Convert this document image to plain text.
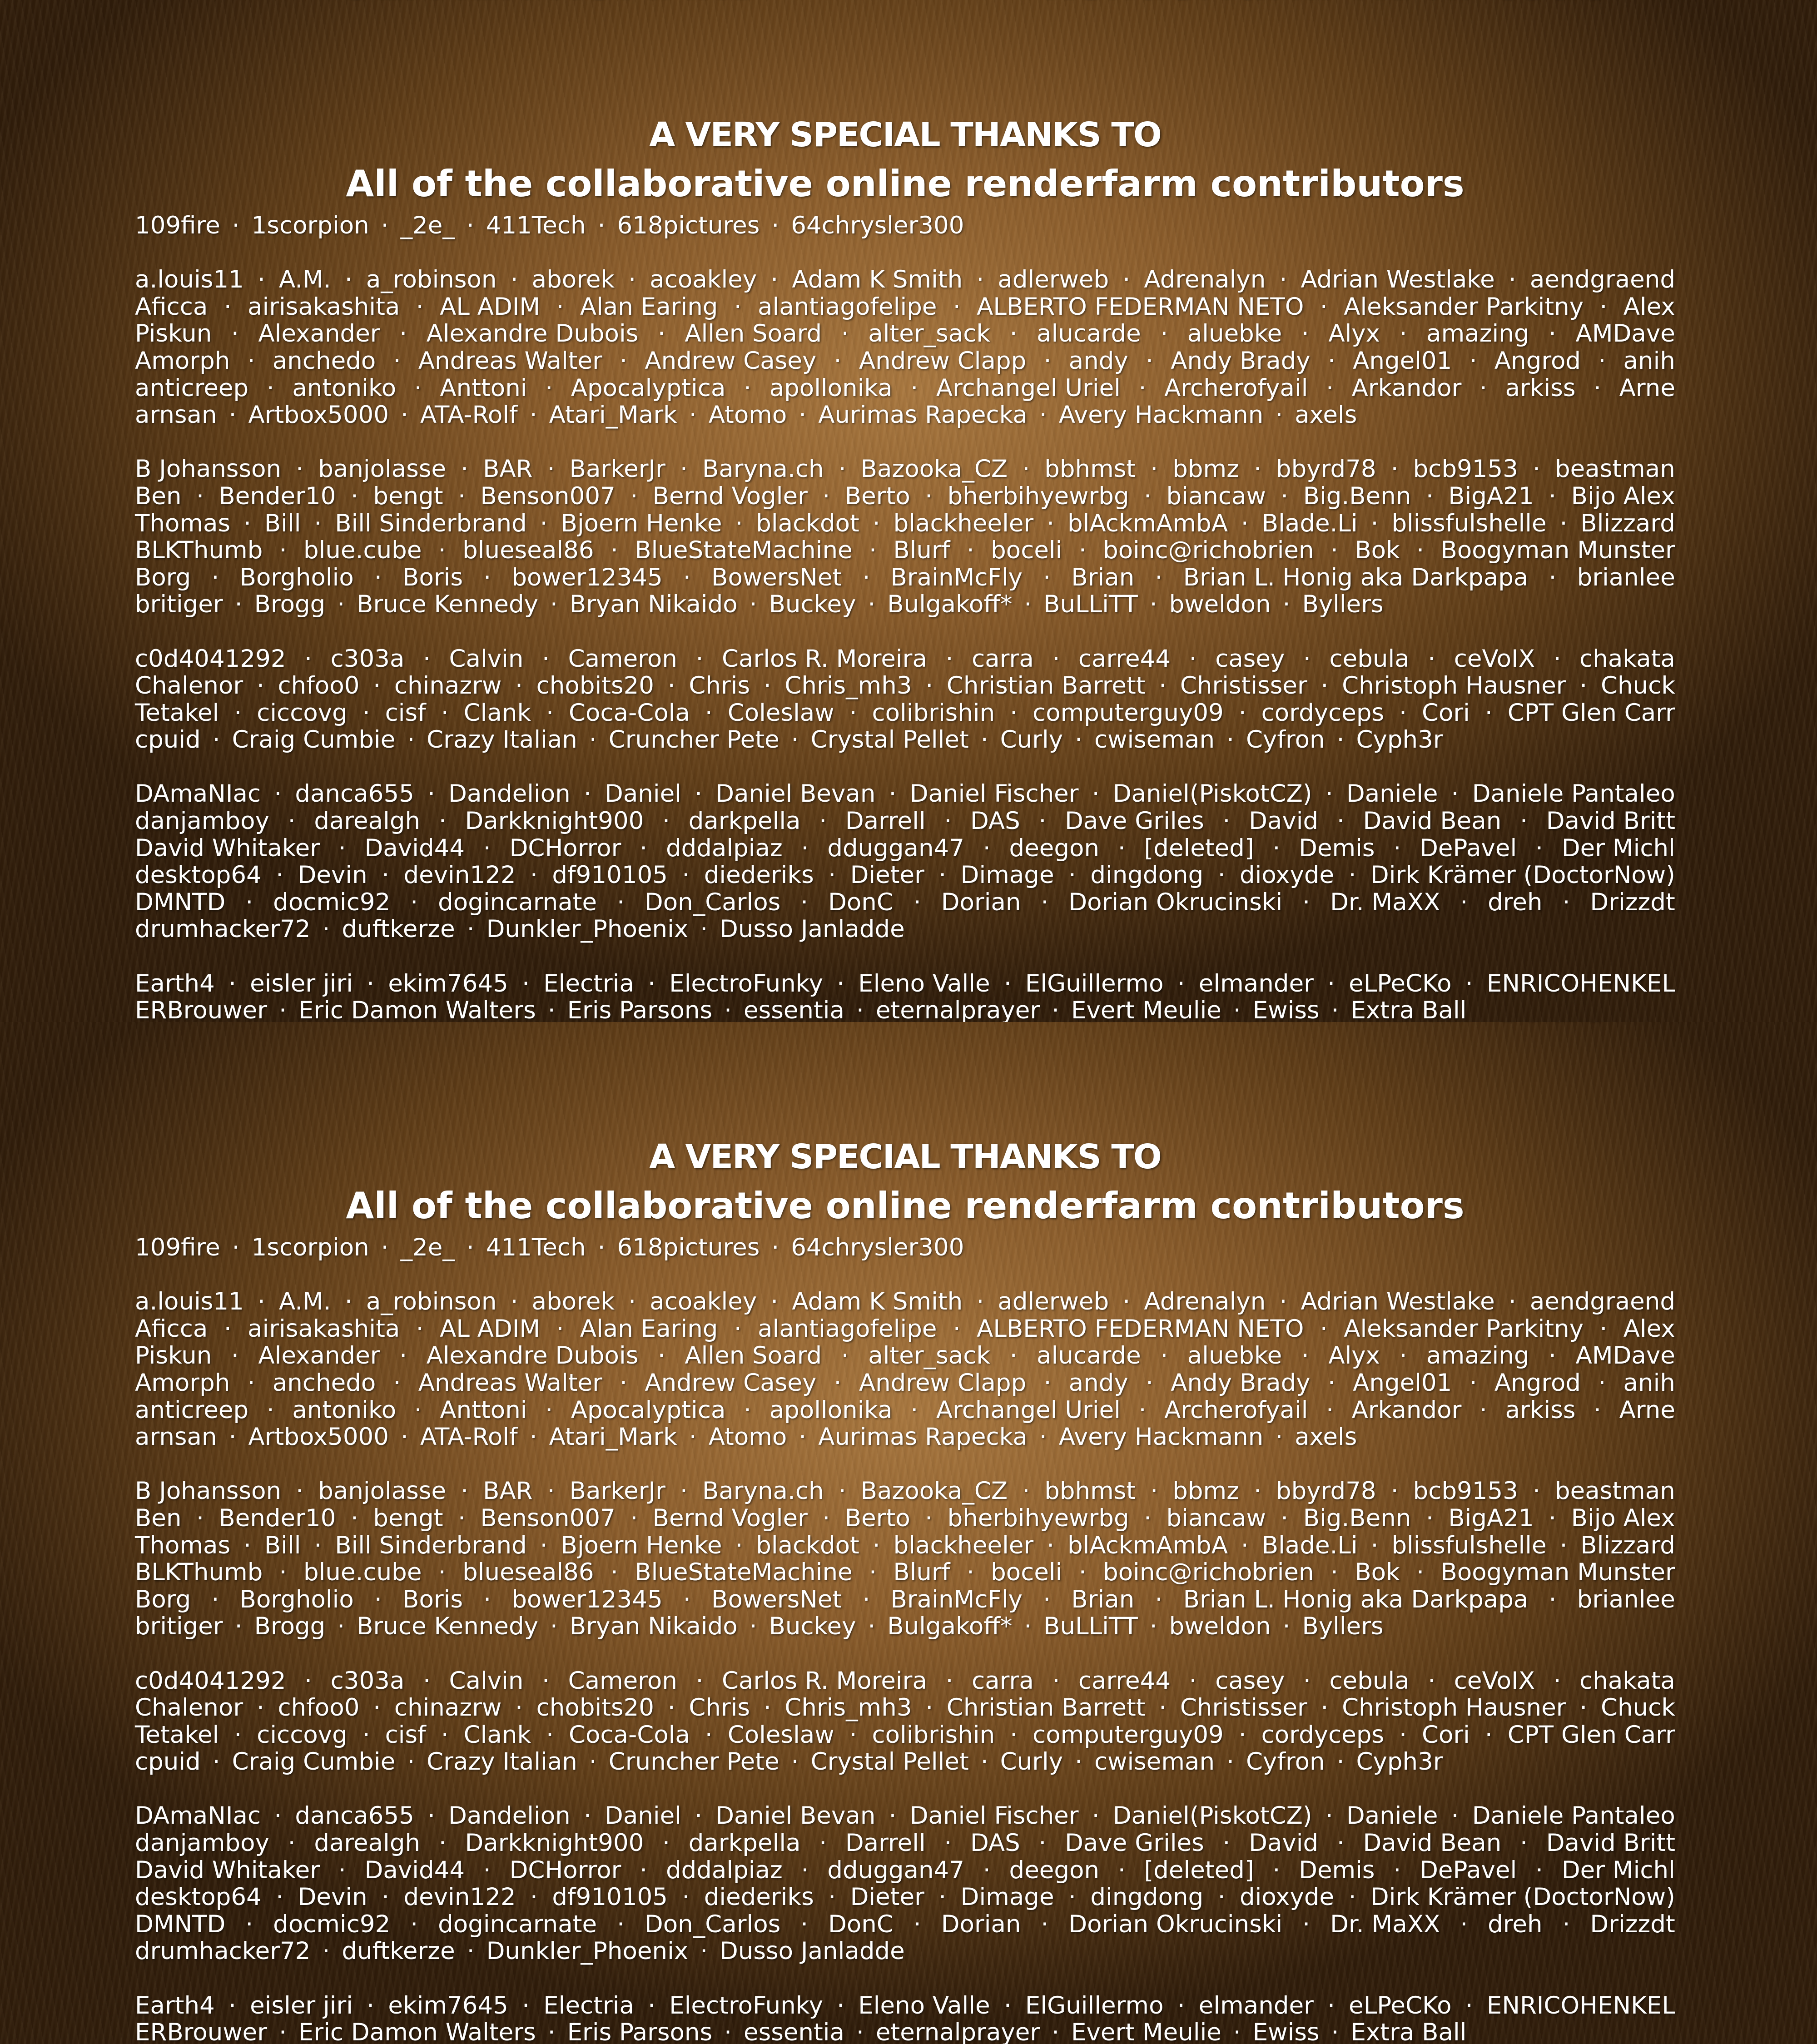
A VERY SPECIAL THANKS TO
All of the collaborative online renderfarm contributors
109fire · 1scorpion · _2e_ · 411Tech · 618pictures · 64chrysler300
a.louis11 · A.M. · a_robinson · aborek · acoakley · Adam K Smith · adlerweb · Adrenalyn · Adrian Westlake · aendgraend
Aficca · airisakashita · AL ADIM · Alan Earing · alantiagofelipe · ALBERTO FEDERMAN NETO · Aleksander Parkitny · Alex
Piskun · Alexander · Alexandre Dubois · Allen Soard · alter_sack · alucarde · aluebke · Alyx · amazing · AMDave
Amorph · anchedo · Andreas Walter · Andrew Casey · Andrew Clapp · andy · Andy Brady · Angel01 · Angrod · anih
anticreep · antoniko · Anttoni · Apocalyptica · apollonika · Archangel Uriel · Archerofyail · Arkandor · arkiss · Arne
arnsan · Artbox5000 · ATA-Rolf · Atari_Mark · Atomo · Aurimas Rapecka · Avery Hackmann · axels
B Johansson · banjolasse · BAR · BarkerJr · Baryna.ch · Bazooka_CZ · bbhmst · bbmz · bbyrd78 · bcb9153 · beastman
Ben · Bender10 · bengt · Benson007 · Bernd Vogler · Berto · bherbihyewrbg · biancaw · Big.Benn · BigA21 · Bijo Alex
Thomas · Bill · Bill Sinderbrand · Bjoern Henke · blackdot · blackheeler · blAckmAmbA · Blade.Li · blissfulshelle · Blizzard
BLKThumb · blue.cube · blueseal86 · BlueStateMachine · Blurf · boceli · boinc@richobrien · Bok · Boogyman Munster
Borg · Borgholio · Boris · bower12345 · BowersNet · BrainMcFly · Brian · Brian L. Honig aka Darkpapa · brianlee
britiger · Brogg · Bruce Kennedy · Bryan Nikaido · Buckey · Bulgakoff* · BuLLiTT · bweldon · Byllers
c0d4041292 · c303a · Calvin · Cameron · Carlos R. Moreira · carra · carre44 · casey · cebula · ceVoIX · chakata
Chalenor · chfoo0 · chinazrw · chobits20 · Chris · Chris_mh3 · Christian Barrett · Christisser · Christoph Hausner · Chuck
Tetakel · ciccovg · cisf · Clank · Coca-Cola · Coleslaw · colibrishin · computerguy09 · cordyceps · Cori · CPT Glen Carr
cpuid · Craig Cumbie · Crazy Italian · Cruncher Pete · Crystal Pellet · Curly · cwiseman · Cyfron · Cyph3r
DAmaNIac · danca655 · Dandelion · Daniel · Daniel Bevan · Daniel Fischer · Daniel(PiskotCZ) · Daniele · Daniele Pantaleo
danjamboy · darealgh · Darkknight900 · darkpella · Darrell · DAS · Dave Griles · David · David Bean · David Britt
David Whitaker · David44 · DCHorror · dddalpiaz · dduggan47 · deegon · [deleted] · Demis · DePavel · Der Michl
desktop64 · Devin · devin122 · df910105 · diederiks · Dieter · Dimage · dingdong · dioxyde · Dirk Krämer (DoctorNow)
DMNTD · docmic92 · dogincarnate · Don_Carlos · DonC · Dorian · Dorian Okrucinski · Dr. MaXX · dreh · Drizzdt
drumhacker72 · duftkerze · Dunkler_Phoenix · Dusso Janladde
Earth4 · eisler jiri · ekim7645 · Electria · ElectroFunky · Eleno Valle · ElGuillermo · elmander · eLPeCKo · ENRICOHENKEL
ERBrouwer · Eric Damon Walters · Eris Parsons · essentia · eternalprayer · Evert Meulie · Ewiss · Extra Ball
A VERY SPECIAL THANKS TO
All of the collaborative online renderfarm contributors
109fire · 1scorpion · _2e_ · 411Tech · 618pictures · 64chrysler300
a.louis11 · A.M. · a_robinson · aborek · acoakley · Adam K Smith · adlerweb · Adrenalyn · Adrian Westlake · aendgraend
Aficca · airisakashita · AL ADIM · Alan Earing · alantiagofelipe · ALBERTO FEDERMAN NETO · Aleksander Parkitny · Alex
Piskun · Alexander · Alexandre Dubois · Allen Soard · alter_sack · alucarde · aluebke · Alyx · amazing · AMDave
Amorph · anchedo · Andreas Walter · Andrew Casey · Andrew Clapp · andy · Andy Brady · Angel01 · Angrod · anih
anticreep · antoniko · Anttoni · Apocalyptica · apollonika · Archangel Uriel · Archerofyail · Arkandor · arkiss · Arne
arnsan · Artbox5000 · ATA-Rolf · Atari_Mark · Atomo · Aurimas Rapecka · Avery Hackmann · axels
B Johansson · banjolasse · BAR · BarkerJr · Baryna.ch · Bazooka_CZ · bbhmst · bbmz · bbyrd78 · bcb9153 · beastman
Ben · Bender10 · bengt · Benson007 · Bernd Vogler · Berto · bherbihyewrbg · biancaw · Big.Benn · BigA21 · Bijo Alex
Thomas · Bill · Bill Sinderbrand · Bjoern Henke · blackdot · blackheeler · blAckmAmbA · Blade.Li · blissfulshelle · Blizzard
BLKThumb · blue.cube · blueseal86 · BlueStateMachine · Blurf · boceli · boinc@richobrien · Bok · Boogyman Munster
Borg · Borgholio · Boris · bower12345 · BowersNet · BrainMcFly · Brian · Brian L. Honig aka Darkpapa · brianlee
britiger · Brogg · Bruce Kennedy · Bryan Nikaido · Buckey · Bulgakoff* · BuLLiTT · bweldon · Byllers
c0d4041292 · c303a · Calvin · Cameron · Carlos R. Moreira · carra · carre44 · casey · cebula · ceVoIX · chakata
Chalenor · chfoo0 · chinazrw · chobits20 · Chris · Chris_mh3 · Christian Barrett · Christisser · Christoph Hausner · Chuck
Tetakel · ciccovg · cisf · Clank · Coca-Cola · Coleslaw · colibrishin · computerguy09 · cordyceps · Cori · CPT Glen Carr
cpuid · Craig Cumbie · Crazy Italian · Cruncher Pete · Crystal Pellet · Curly · cwiseman · Cyfron · Cyph3r
DAmaNIac · danca655 · Dandelion · Daniel · Daniel Bevan · Daniel Fischer · Daniel(PiskotCZ) · Daniele · Daniele Pantaleo
danjamboy · darealgh · Darkknight900 · darkpella · Darrell · DAS · Dave Griles · David · David Bean · David Britt
David Whitaker · David44 · DCHorror · dddalpiaz · dduggan47 · deegon · [deleted] · Demis · DePavel · Der Michl
desktop64 · Devin · devin122 · df910105 · diederiks · Dieter · Dimage · dingdong · dioxyde · Dirk Krämer (DoctorNow)
DMNTD · docmic92 · dogincarnate · Don_Carlos · DonC · Dorian · Dorian Okrucinski · Dr. MaXX · dreh · Drizzdt
drumhacker72 · duftkerze · Dunkler_Phoenix · Dusso Janladde
Earth4 · eisler jiri · ekim7645 · Electria · ElectroFunky · Eleno Valle · ElGuillermo · elmander · eLPeCKo · ENRICOHENKEL
ERBrouwer · Eric Damon Walters · Eris Parsons · essentia · eternalprayer · Evert Meulie · Ewiss · Extra Ball
